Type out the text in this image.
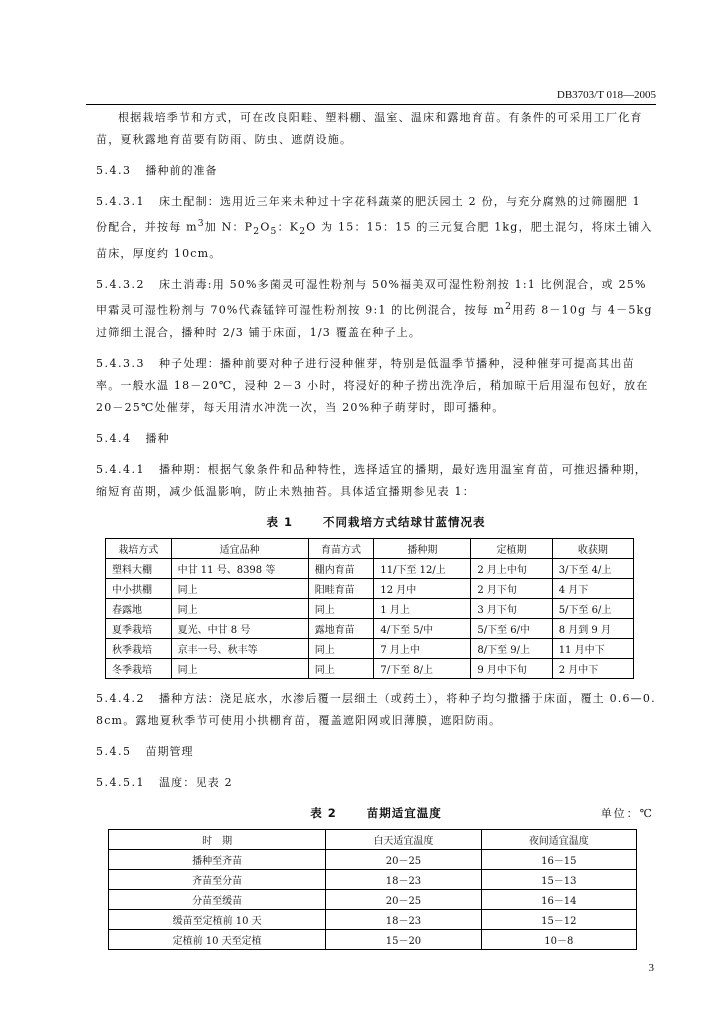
DB3703/T 018—2005

根据栽培季节和方式，可在改良阳畦、塑料棚、温室、温床和露地育苗。有条件的可采用工厂化育苗，夏秋露地育苗要有防雨、防虫、遮荫设施。

5.4.3 播种前的准备

5.4.3.1 床土配制：选用近三年来未种过十字花科蔬菜的肥沃园土 2 份，与充分腐熟的过筛圈肥 1 份配合，并按每 $m^3$加 N：$P_2O_5$：$K_2O$ 为 15：15：15 的三元复合肥 1kg，肥土混匀，将床土铺入苗床，厚度约 10cm。

5.4.3.2 床土消毒:用 50%多菌灵可湿性粉剂与 50%福美双可湿性粉剂按 1:1 比例混合，或 25%甲霜灵可湿性粉剂与 70%代森锰锌可湿性粉剂按 9:1 的比例混合，按每 $m^2$用药 8－10g 与 4－5kg 过筛细土混合，播种时 2/3 铺于床面，1/3 覆盖在种子上。

5.4.3.3 种子处理：播种前要对种子进行浸种催芽，特别是低温季节播种，浸种催芽可提高其出苗率。一般水温 18－20℃，浸种 2－3 小时，将浸好的种子捞出洗净后，稍加晾干后用湿布包好，放在 20－25℃处催芽，每天用清水冲洗一次，当 20%种子萌芽时，即可播种。

5.4.4 播种

5.4.4.1 播种期：根据气象条件和品种特性，选择适宜的播期，最好选用温室育苗，可推迟播种期，缩短育苗期，减少低温影响，防止未熟抽苔。具体适宜播期参见表 1：

表 1	不同栽培方式结球甘蓝情况表
栽培方式	适宜品种	育苗方式	播种期	定植期	收获期
塑料大棚	中甘 11 号、8398 等	棚内育苗	11/下至 12/上	2 月上中旬	3/下至 4/上
中小拱棚	同上	阳畦育苗	12 月中	2 月下旬	4 月下
春露地	同上	同上	1 月上	3 月下旬	5/下至 6/上
夏季栽培	夏光、中甘 8 号	露地育苗	4/下至 5/中	5/下至 6/中	8 月到 9 月
秋季栽培	京丰一号、秋丰等	同上	7 月上中	8/下至 9/上	11 月中下
冬季栽培	同上	同上	7/下至 8/上	9 月中下旬	2 月中下

5.4.4.2 播种方法：浇足底水，水渗后覆一层细土（或药土），将种子均匀撒播于床面，覆土 0.6—0.8cm。露地夏秋季节可使用小拱棚育苗，覆盖遮阳网或旧薄膜，遮阳防雨。

5.4.5 苗期管理

5.4.5.1 温度：见表 2

表 2	苗期适宜温度	单位：℃
时　期	白天适宜温度	夜间适宜温度
播种至齐苗	20－25	16－15
齐苗至分苗	18－23	15－13
分苗至缓苗	20－25	16－14
缓苗至定植前 10 天	18－23	15－12
定植前 10 天至定植	15－20	10－8
3
